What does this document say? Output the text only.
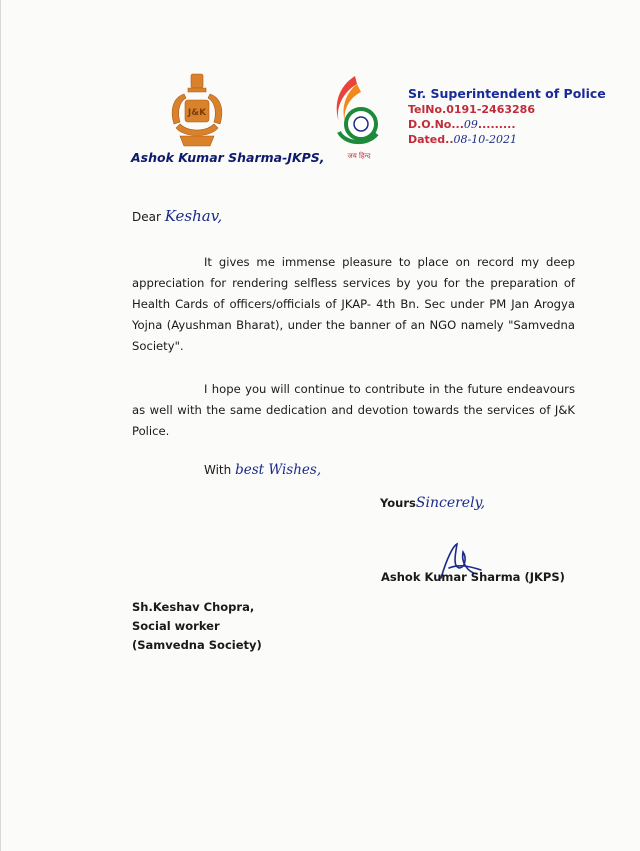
J&K
जय हिन्द
Ashok Kumar Sharma-JKPS,
Sr. Superintendent of Police
TelNo.0191-2463286
D.O.No...09.........
Dated..08-10-2021
Dear Keshav,
It gives me immense pleasure to place on record my deep appreciation for rendering selfless services by you for the preparation of Health Cards of officers/officials of JKAP- 4th Bn. Sec under PM Jan Arogya Yojna (Ayushman Bharat), under the banner of an NGO namely "Samvedna Society".
I hope you will continue to contribute in the future endeavours as well with the same dedication and devotion towards the services of J&K Police.
With best Wishes,
YoursSincerely,
Ashok Kumar Sharma (JKPS)
Sh.Keshav Chopra,
Social worker
(Samvedna Society)
